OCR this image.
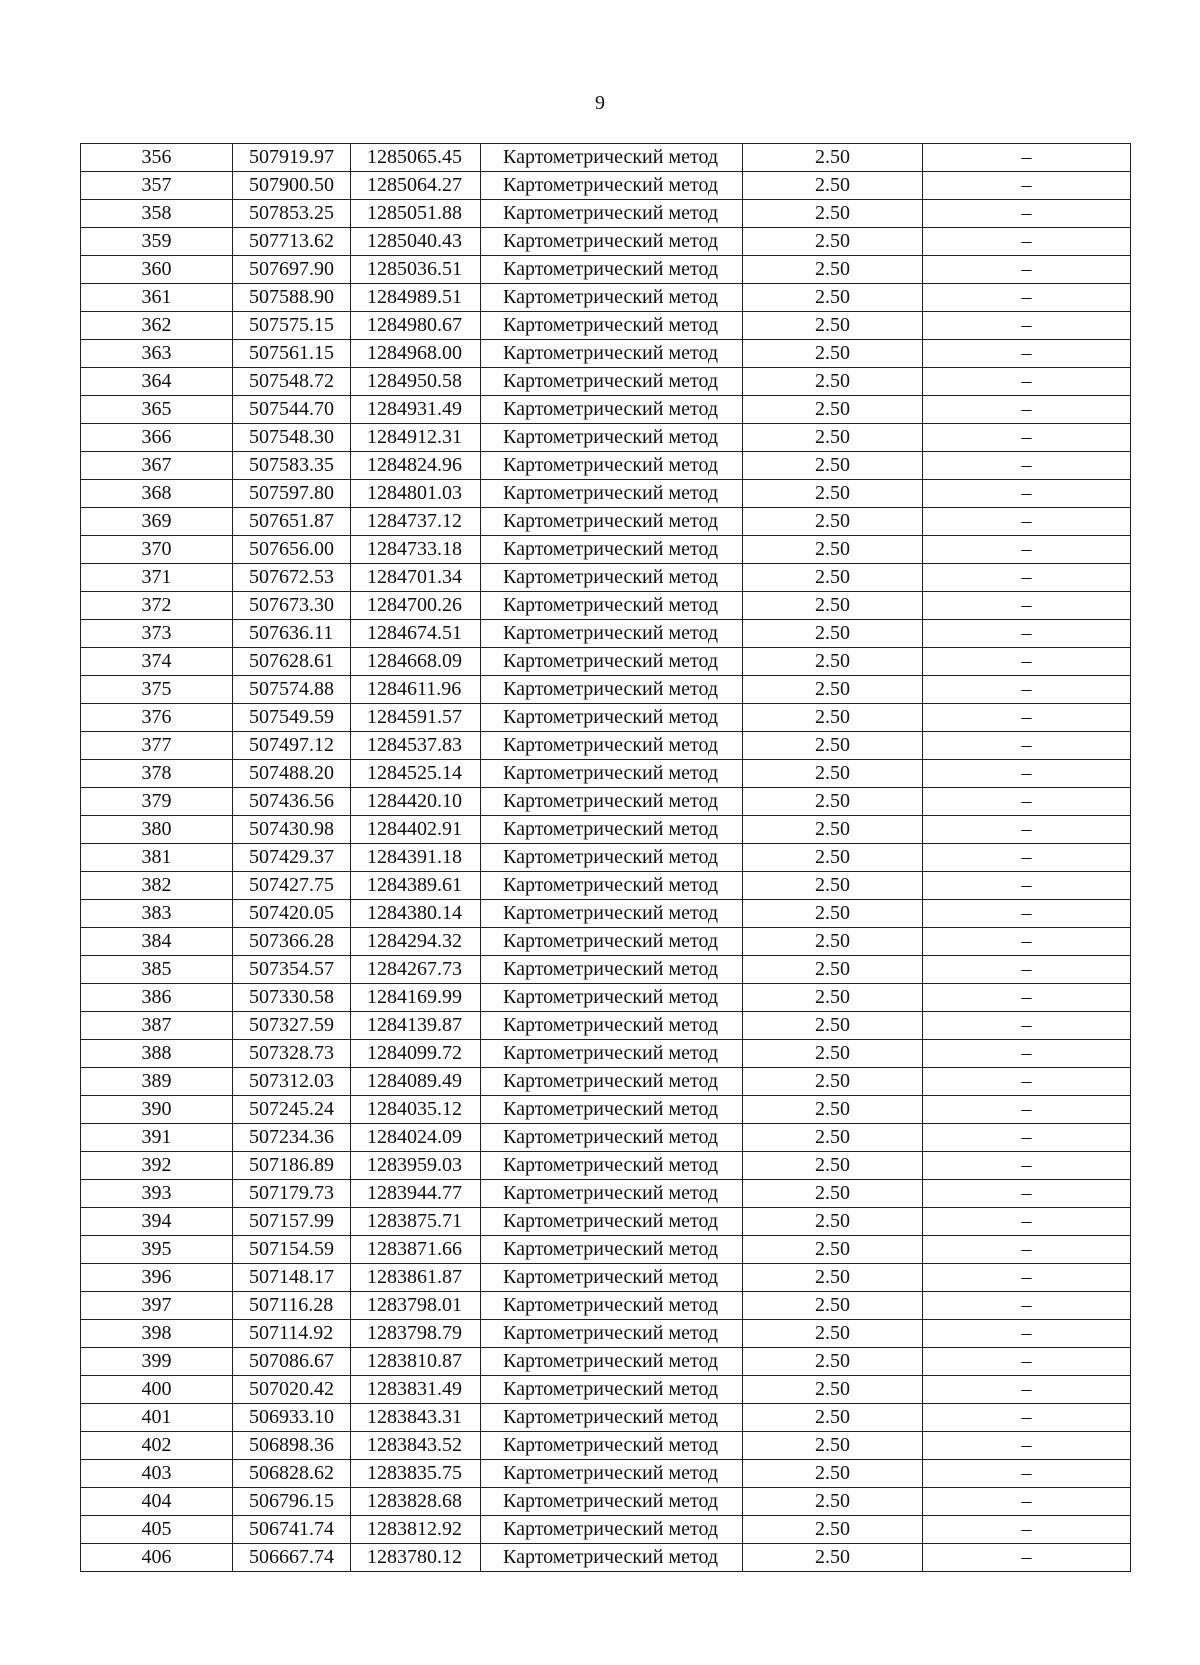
9
356	507919.97	1285065.45	Картометрический метод	2.50	–
357	507900.50	1285064.27	Картометрический метод	2.50	–
358	507853.25	1285051.88	Картометрический метод	2.50	–
359	507713.62	1285040.43	Картометрический метод	2.50	–
360	507697.90	1285036.51	Картометрический метод	2.50	–
361	507588.90	1284989.51	Картометрический метод	2.50	–
362	507575.15	1284980.67	Картометрический метод	2.50	–
363	507561.15	1284968.00	Картометрический метод	2.50	–
364	507548.72	1284950.58	Картометрический метод	2.50	–
365	507544.70	1284931.49	Картометрический метод	2.50	–
366	507548.30	1284912.31	Картометрический метод	2.50	–
367	507583.35	1284824.96	Картометрический метод	2.50	–
368	507597.80	1284801.03	Картометрический метод	2.50	–
369	507651.87	1284737.12	Картометрический метод	2.50	–
370	507656.00	1284733.18	Картометрический метод	2.50	–
371	507672.53	1284701.34	Картометрический метод	2.50	–
372	507673.30	1284700.26	Картометрический метод	2.50	–
373	507636.11	1284674.51	Картометрический метод	2.50	–
374	507628.61	1284668.09	Картометрический метод	2.50	–
375	507574.88	1284611.96	Картометрический метод	2.50	–
376	507549.59	1284591.57	Картометрический метод	2.50	–
377	507497.12	1284537.83	Картометрический метод	2.50	–
378	507488.20	1284525.14	Картометрический метод	2.50	–
379	507436.56	1284420.10	Картометрический метод	2.50	–
380	507430.98	1284402.91	Картометрический метод	2.50	–
381	507429.37	1284391.18	Картометрический метод	2.50	–
382	507427.75	1284389.61	Картометрический метод	2.50	–
383	507420.05	1284380.14	Картометрический метод	2.50	–
384	507366.28	1284294.32	Картометрический метод	2.50	–
385	507354.57	1284267.73	Картометрический метод	2.50	–
386	507330.58	1284169.99	Картометрический метод	2.50	–
387	507327.59	1284139.87	Картометрический метод	2.50	–
388	507328.73	1284099.72	Картометрический метод	2.50	–
389	507312.03	1284089.49	Картометрический метод	2.50	–
390	507245.24	1284035.12	Картометрический метод	2.50	–
391	507234.36	1284024.09	Картометрический метод	2.50	–
392	507186.89	1283959.03	Картометрический метод	2.50	–
393	507179.73	1283944.77	Картометрический метод	2.50	–
394	507157.99	1283875.71	Картометрический метод	2.50	–
395	507154.59	1283871.66	Картометрический метод	2.50	–
396	507148.17	1283861.87	Картометрический метод	2.50	–
397	507116.28	1283798.01	Картометрический метод	2.50	–
398	507114.92	1283798.79	Картометрический метод	2.50	–
399	507086.67	1283810.87	Картометрический метод	2.50	–
400	507020.42	1283831.49	Картометрический метод	2.50	–
401	506933.10	1283843.31	Картометрический метод	2.50	–
402	506898.36	1283843.52	Картометрический метод	2.50	–
403	506828.62	1283835.75	Картометрический метод	2.50	–
404	506796.15	1283828.68	Картометрический метод	2.50	–
405	506741.74	1283812.92	Картометрический метод	2.50	–
406	506667.74	1283780.12	Картометрический метод	2.50	–
